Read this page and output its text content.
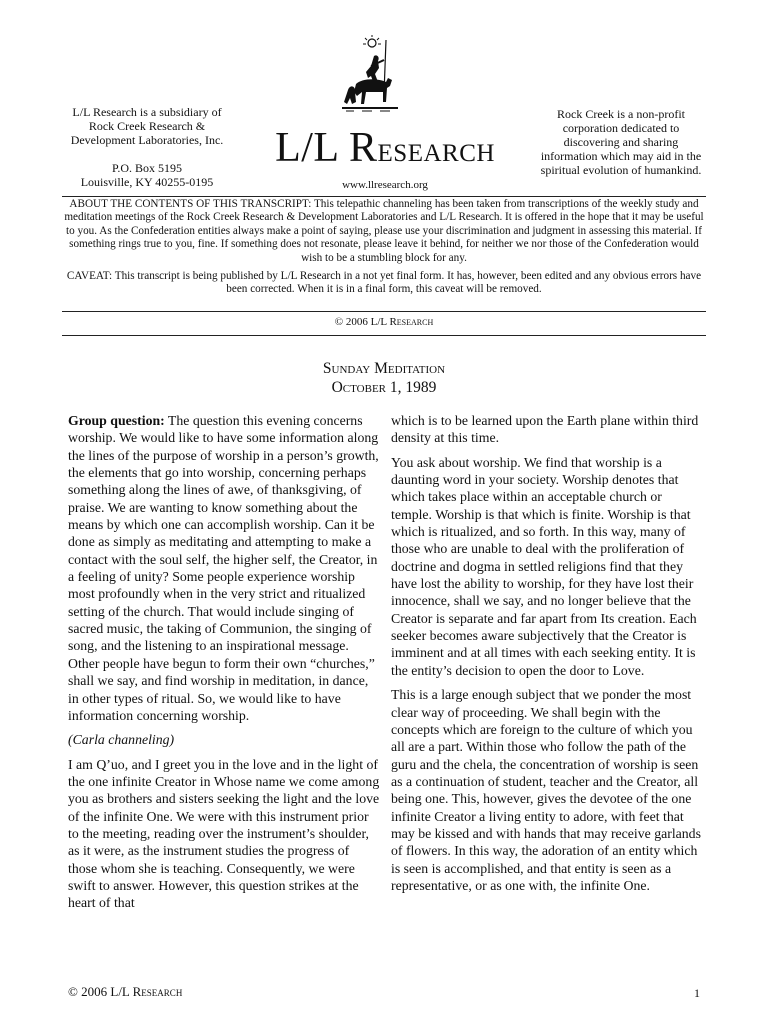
L/L Research is a subsidiary of Rock Creek Research & Development Laboratories, Inc.
P.O. Box 5195
Louisville, KY 40255-0195
L/L Research
www.llresearch.org
Rock Creek is a non-profit corporation dedicated to discovering and sharing information which may aid in the spiritual evolution of humankind.

ABOUT THE CONTENTS OF THIS TRANSCRIPT: This telepathic channeling has been taken from transcriptions of the weekly study and meditation meetings of the Rock Creek Research & Development Laboratories and L/L Research. It is offered in the hope that it may be useful to you. As the Confederation entities always make a point of saying, please use your discrimination and judgment in assessing this material. If something rings true to you, fine. If something does not resonate, please leave it behind, for neither we nor those of the Confederation would wish to be a stumbling block for any.

CAVEAT: This transcript is being published by L/L Research in a not yet final form. It has, however, been edited and any obvious errors have been corrected. When it is in a final form, this caveat will be removed.

© 2006 L/L Research
Sunday Meditation
October 1, 1989

Group question: The question this evening concerns worship. We would like to have some information along the lines of the purpose of worship in a person’s growth, the elements that go into worship, concerning perhaps something along the lines of awe, of thanksgiving, of praise. We are wanting to know something about the means by which one can accomplish worship. Can it be done as simply as meditating and attempting to make a contact with the soul self, the higher self, the Creator, in a feeling of unity? Some people experience worship most profoundly when in the very strict and ritualized setting of the church. That would include singing of sacred music, the taking of Communion, the singing of song, and the listening to an inspirational message. Other people have begun to form their own “churches,” shall we say, and find worship in meditation, in dance, in other types of ritual. So, we would like to have information concerning worship.

(Carla channeling)

I am Q’uo, and I greet you in the love and in the light of the one infinite Creator in Whose name we come among you as brothers and sisters seeking the light and the love of the infinite One. We were with this instrument prior to the meeting, reading over the instrument’s shoulder, as it were, as the instrument studies the progress of those whom she is teaching. Consequently, we were swift to answer. However, this question strikes at the heart of that

which is to be learned upon the Earth plane within third density at this time.

You ask about worship. We find that worship is a daunting word in your society. Worship denotes that which takes place within an acceptable church or temple. Worship is that which is finite. Worship is that which is ritualized, and so forth. In this way, many of those who are unable to deal with the proliferation of doctrine and dogma in settled religions find that they have lost the ability to worship, for they have lost their innocence, shall we say, and no longer believe that the Creator is separate and far apart from Its creation. Each seeker becomes aware subjectively that the Creator is imminent and at all times with each seeking entity. It is the entity’s decision to open the door to Love.

This is a large enough subject that we ponder the most clear way of proceeding. We shall begin with the concepts which are foreign to the culture of which you all are a part. Within those who follow the path of the guru and the chela, the concentration of worship is seen as a continuation of student, teacher and the Creator, all being one. This, however, gives the devotee of the one infinite Creator a living entity to adore, with feet that may be kissed and with hands that may receive garlands of flowers. In this way, the adoration of an entity which is seen is accomplished, and that entity is seen as a representative, or as one with, the infinite One.

© 2006 L/L Research	1
